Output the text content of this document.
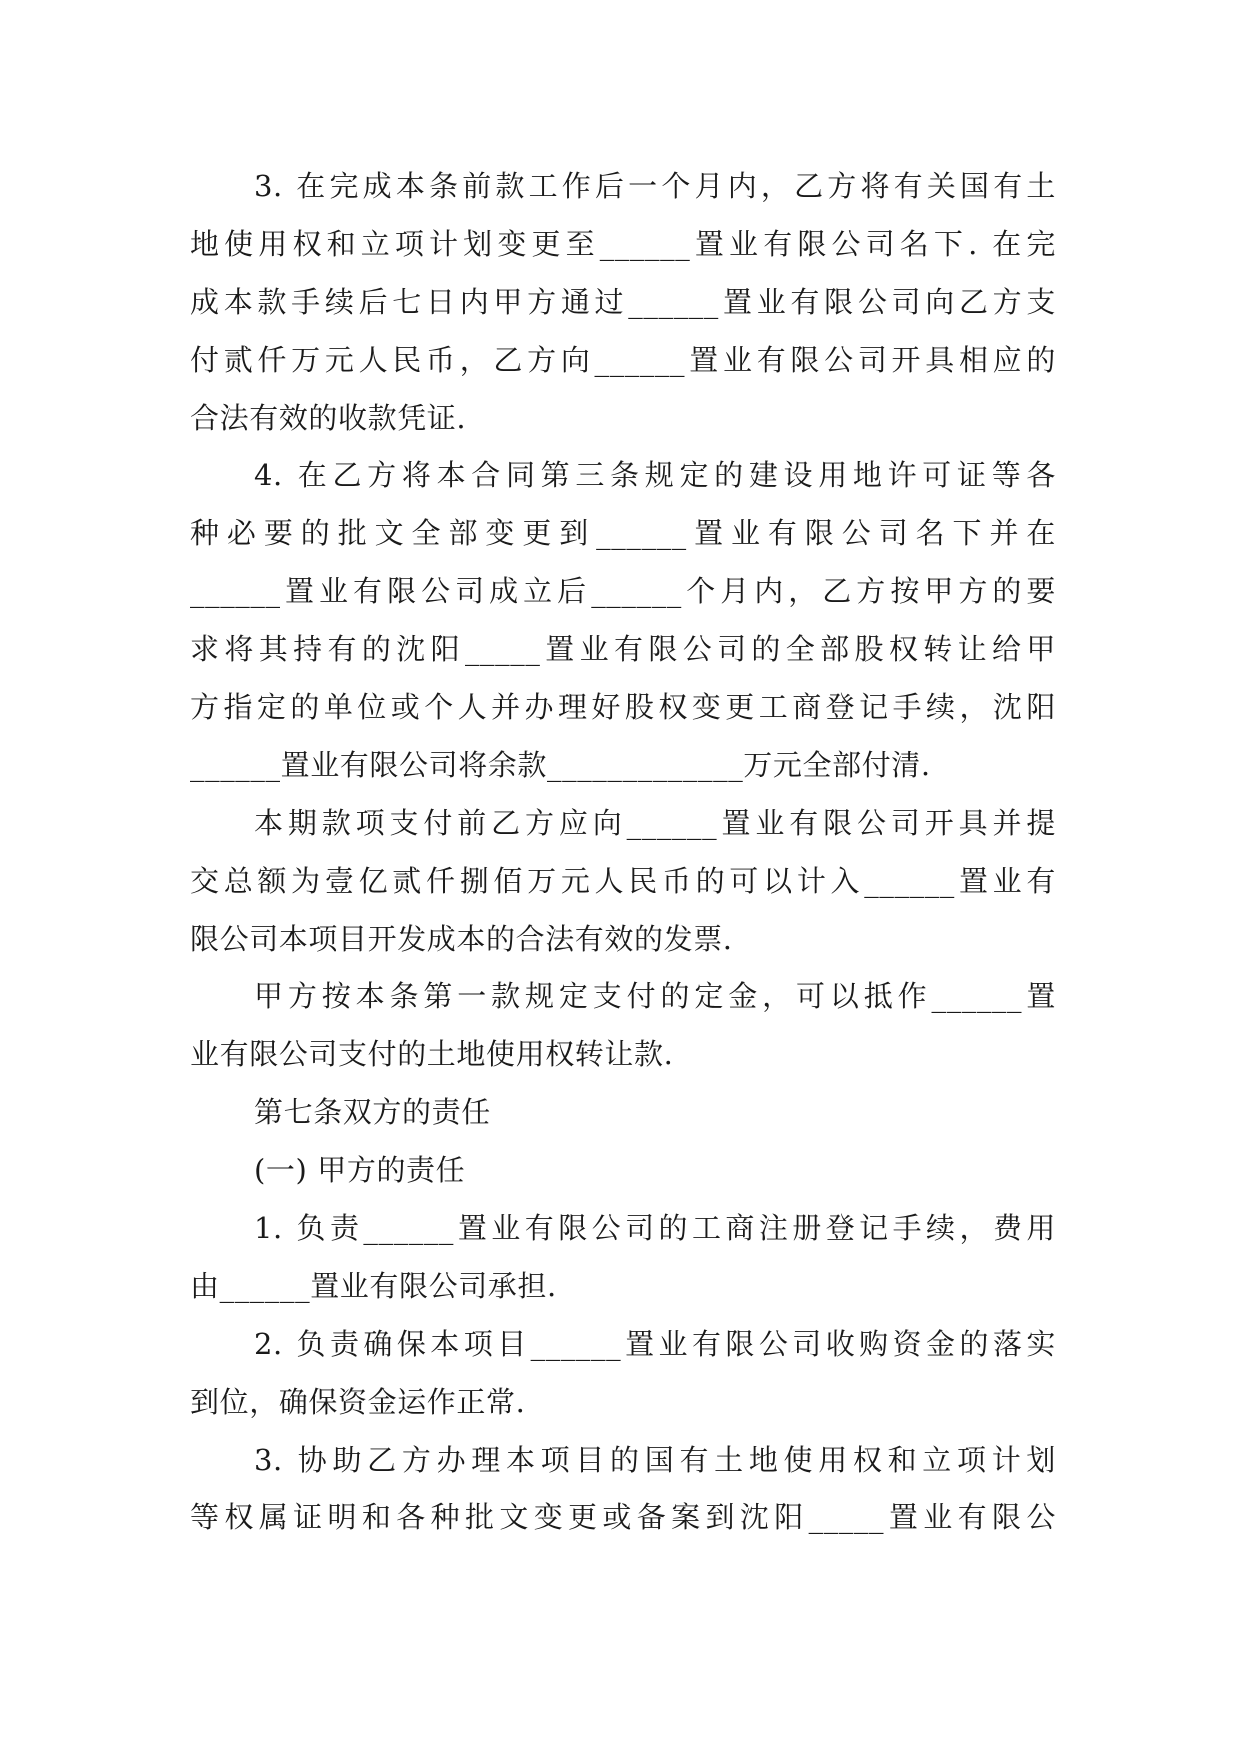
3. 在完成本条前款工作后一个月内，乙方将有关国有土
地使用权和立项计划变更至______置业有限公司名下. 在完
成本款手续后七日内甲方通过______置业有限公司向乙方支
付贰仟万元人民币，乙方向______置业有限公司开具相应的
合法有效的收款凭证.
4. 在乙方将本合同第三条规定的建设用地许可证等各
种必要的批文全部变更到______置业有限公司名下并在
______置业有限公司成立后______个月内，乙方按甲方的要
求将其持有的沈阳_____置业有限公司的全部股权转让给甲
方指定的单位或个人并办理好股权变更工商登记手续，沈阳
______置业有限公司将余款_____________万元全部付清.
本期款项支付前乙方应向______置业有限公司开具并提
交总额为壹亿贰仟捌佰万元人民币的可以计入______置业有
限公司本项目开发成本的合法有效的发票.
甲方按本条第一款规定支付的定金，可以抵作______置
业有限公司支付的土地使用权转让款.
第七条双方的责任
(一) 甲方的责任
1. 负责______置业有限公司的工商注册登记手续，费用
由______置业有限公司承担.
2. 负责确保本项目______置业有限公司收购资金的落实
到位，确保资金运作正常.
3. 协助乙方办理本项目的国有土地使用权和立项计划
等权属证明和各种批文变更或备案到沈阳_____置业有限公
